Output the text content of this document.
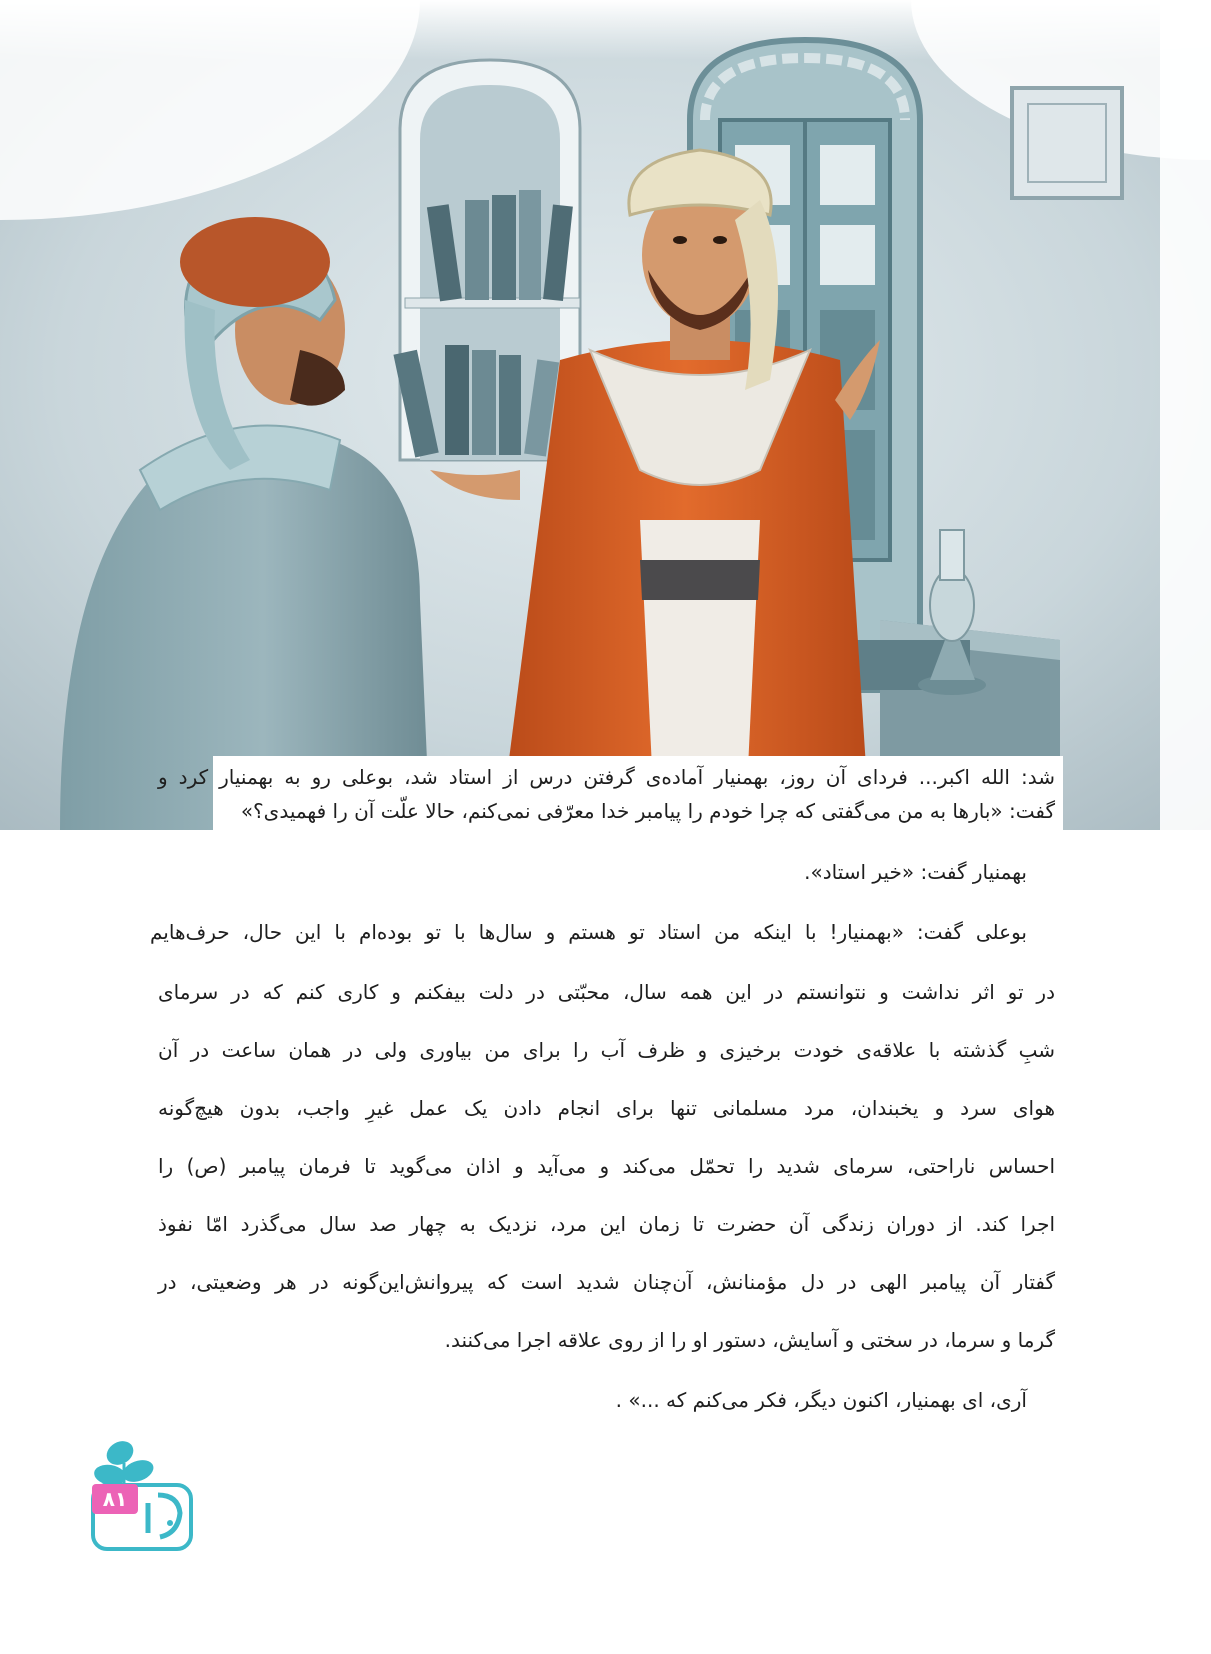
شد: الله اکبر... فردای آن روز، بهمنیار آماده‌ی گرفتن درس از استاد شد، بوعلی رو به بهمنیار کرد و
گفت: «بارها به من می‌گفتی که چرا خودم را پیامبر خدا معرّفی نمی‌کنم، حالا علّت آن را فهمیدی؟»
بهمنیار گفت: «خیر استاد».
بوعلی گفت: «بهمنیار! با اینکه من استاد تو هستم و سال‌ها با تو بوده‌ام با این حال، حرف‌هایم
در تو اثر نداشت و نتوانستم در این همه سال، محبّتی در دلت بیفکنم و کاری کنم که در سرمای
شبِ گذشته با علاقه‌ی خودت برخیزی و ظرف آب را برای من بیاوری ولی در همان ساعت در آن
هوای سرد و یخبندان، مرد مسلمانی تنها برای انجام دادن یک عمل غیرِ واجب، بدون هیچ‌گونه
احساس ناراحتی، سرمای شدید را تحمّل می‌کند و می‌آید و اذان می‌گوید تا فرمان پیامبر (ص) را
اجرا کند. از دوران زندگی آن حضرت تا زمان این مرد، نزدیک به چهار صد سال می‌گذرد امّا نفوذ
گفتار آن پیامبر الهی در دل مؤمنانش، آن‌چنان شدید است که پیروانش‌این‌گونه در هر وضعیتی، در
گرما و سرما، در سختی و آسایش، دستور او را از روی علاقه اجرا می‌کنند.
آری، ای بهمنیار، اکنون دیگر، فکر می‌کنم که ...» .
۸۱
